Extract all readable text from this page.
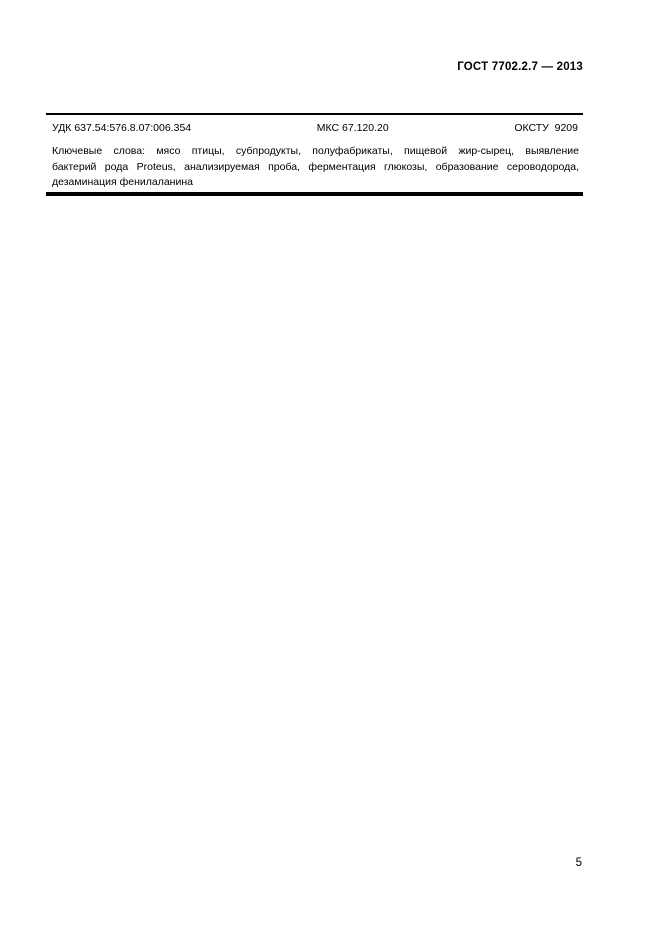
ГОСТ 7702.2.7 — 2013
УДК 637.54:576.8.07:006.354	МКС 67.120.20	ОКСТУ  9209
Ключевые слова: мясо птицы, субпродукты, полуфабрикаты, пищевой жир-сырец, выявление
бактерий рода Proteus, анализируемая проба, ферментация глюкозы, образование сероводорода,
дезаминация фенилаланина
5
